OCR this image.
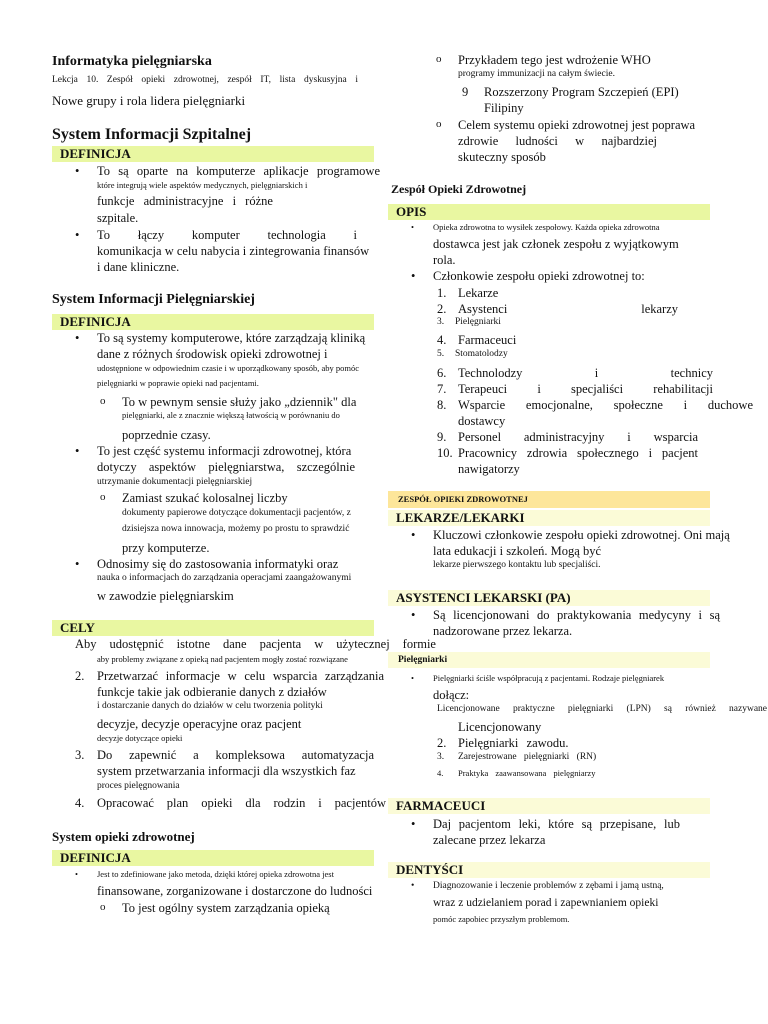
Informatyka pielęgniarska
Lekcja 10. Zespół opieki zdrowotnej, zespół IT, lista dyskusyjna i
Nowe grupy i rola lidera pielęgniarki
System Informacji Szpitalnej
DEFINICJA
• To są oparte na komputerze aplikacje programowe
które integrują wiele aspektów medycznych, pielęgniarskich i
funkcje administracyjne i różne
szpitale.
• To łączy komputer technologia i
komunikacja w celu nabycia i zintegrowania finansów
i dane kliniczne.
System Informacji Pielęgniarskiej
DEFINICJA
• To są systemy komputerowe, które zarządzają kliniką
dane z różnych środowisk opieki zdrowotnej i
udostępnione w odpowiednim czasie i w uporządkowany sposób, aby pomóc
pielęgniarki w poprawie opieki nad pacjentami.
o To w pewnym sensie służy jako „dziennik" dla
pielęgniarki, ale z znacznie większą łatwością w porównaniu do
poprzednie czasy.
• To jest część systemu informacji zdrowotnej, która
dotyczy aspektów pielęgniarstwa, szczególnie
utrzymanie dokumentacji pielęgniarskiej
o Zamiast szukać kolosalnej liczby
dokumenty papierowe dotyczące dokumentacji pacjentów, z
dzisiejsza nowa innowacja, możemy po prostu to sprawdzić
przy komputerze.
• Odnosimy się do zastosowania informatyki oraz
nauka o informacjach do zarządzania operacjami zaangażowanymi
w zawodzie pielęgniarskim
CELY
Aby udostępnić istotne dane pacjenta w użytecznej formie
aby problemy związane z opieką nad pacjentem mogły zostać rozwiązane
2. Przetwarzać informacje w celu wsparcia zarządzania
funkcje takie jak odbieranie danych z działów
i dostarczanie danych do działów w celu tworzenia polityki
decyzje, decyzje operacyjne oraz pacjent
decyzje dotyczące opieki
3. Do zapewnić a kompleksowa automatyzacja
system przetwarzania informacji dla wszystkich faz
proces pielęgnowania
4. Opracować plan opieki dla rodzin i pacjentów
System opieki zdrowotnej
DEFINICJA
• Jest to zdefiniowane jako metoda, dzięki której opieka zdrowotna jest
finansowane, zorganizowane i dostarczone do ludności
o To jest ogólny system zarządzania opieką
o Przykładem tego jest wdrożenie WHO
programy immunizacji na całym świecie.
9 Rozszerzony Program Szczepień (EPI)
Filipiny
o Celem systemu opieki zdrowotnej jest poprawa
zdrowie ludności w najbardziej
skuteczny sposób
Zespół Opieki Zdrowotnej
OPIS
• Opieka zdrowotna to wysiłek zespołowy. Każda opieka zdrowotna
dostawca jest jak członek zespołu z wyjątkowym
rola.
• Członkowie zespołu opieki zdrowotnej to:
1. Lekarze
2. Asystenci lekarzy
3. Pielęgniarki
4. Farmaceuci
5. Stomatolodzy
6. Technolodzy i technicy
7. Terapeuci i specjaliści rehabilitacji
8. Wsparcie emocjonalne, społeczne i duchowe
dostawcy
9. Personel administracyjny i wsparcia
10. Pracownicy zdrowia społecznego i pacjent
nawigatorzy
ZESPÓŁ OPIEKI ZDROWOTNEJ
LEKARZE/LEKARKI
• Kluczowi członkowie zespołu opieki zdrowotnej. Oni mają
lata edukacji i szkoleń. Mogą być
lekarze pierwszego kontaktu lub specjaliści.
ASYSTENCI LEKARSKI (PA)
• Są licencjonowani do praktykowania medycyny i są
nadzorowane przez lekarza.
Pielęgniarki
• Pielęgniarki ściśle współpracują z pacjentami. Rodzaje pielęgniarek
dołącz:
Licencjonowane praktyczne pielęgniarki (LPN) są również nazywane
Licencjonowany
2. Pielęgniarki zawodu.
3. Zarejestrowane pielęgniarki (RN)
4. Praktyka zaawansowana pielęgniarzy
FARMACEUCI
• Daj pacjentom leki, które są przepisane, lub
zalecane przez lekarza
DENTYŚCI
• Diagnozowanie i leczenie problemów z zębami i jamą ustną,
wraz z udzielaniem porad i zapewnianiem opieki
pomóc zapobiec przyszłym problemom.
